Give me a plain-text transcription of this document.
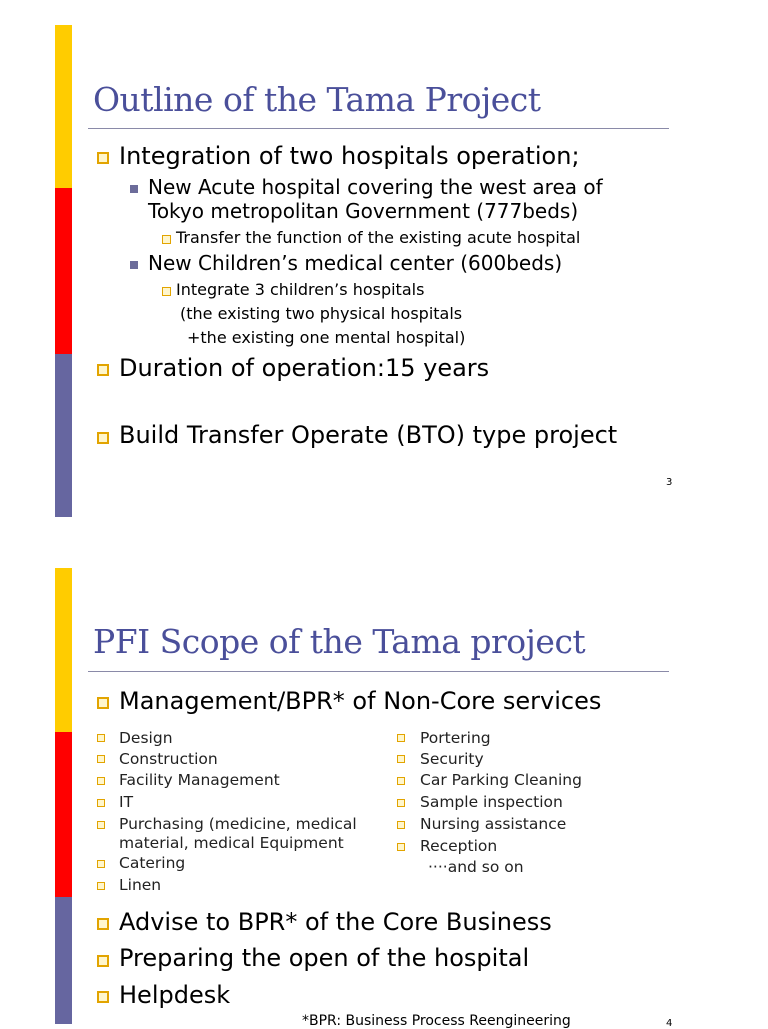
Outline of the Tama Project
Integration of two hospitals operation;
New Acute hospital covering the west area of
Tokyo metropolitan Government (777beds)
Transfer the function of the existing acute hospital
New Children’s medical center (600beds)
Integrate 3 children’s hospitals
(the existing two physical hospitals
+the existing one mental hospital)
Duration of operation:15 years
Build Transfer Operate (BTO) type project
3
PFI Scope of the Tama project
Management/BPR* of Non-Core services
Design
Construction
Facility Management
IT
Purchasing (medicine, medical
material, medical Equipment
Catering
Linen
Portering
Security
Car Parking Cleaning
Sample inspection
Nursing assistance
Reception
····and so on
Advise to BPR* of the Core Business
Preparing the open of the hospital
Helpdesk
*BPR: Business Process Reengineering	4
